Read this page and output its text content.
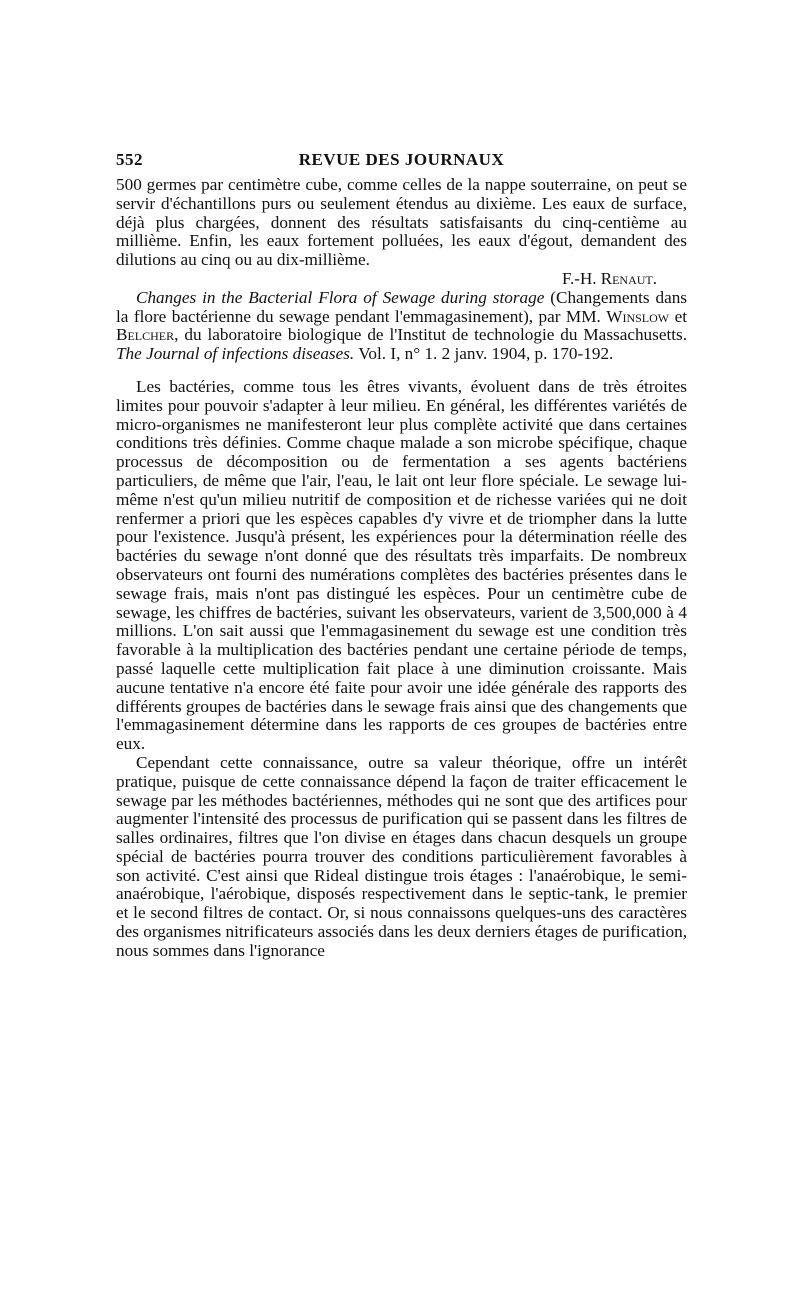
552	REVUE DES JOURNAUX

500 germes par centimètre cube, comme celles de la nappe souterraine, on peut se servir d'échantillons purs ou seulement étendus au dixième. Les eaux de surface, déjà plus chargées, donnent des résultats satisfaisants du cinq-centième au millième. Enfin, les eaux fortement polluées, les eaux d'égout, demandent des dilutions au cinq ou au dix-millième.

F.-H. Renaut.

Changes in the Bacterial Flora of Sewage during storage (Changements dans la flore bactérienne du sewage pendant l'emmagasinement), par MM. Winslow et Belcher, du laboratoire biologique de l'Institut de technologie du Massachusetts. The Journal of infections diseases. Vol. I, n° 1. 2 janv. 1904, p. 170-192.

Les bactéries, comme tous les êtres vivants, évoluent dans de très étroites limites pour pouvoir s'adapter à leur milieu. En général, les différentes variétés de micro-organismes ne manifesteront leur plus complète activité que dans certaines conditions très définies. Comme chaque malade a son microbe spécifique, chaque processus de décomposition ou de fermentation a ses agents bactériens particuliers, de même que l'air, l'eau, le lait ont leur flore spéciale. Le sewage lui-même n'est qu'un milieu nutritif de composition et de richesse variées qui ne doit renfermer a priori que les espèces capables d'y vivre et de triompher dans la lutte pour l'existence. Jusqu'à présent, les expériences pour la détermination réelle des bactéries du sewage n'ont donné que des résultats très imparfaits. De nombreux observateurs ont fourni des numérations complètes des bactéries présentes dans le sewage frais, mais n'ont pas distingué les espèces. Pour un centimètre cube de sewage, les chiffres de bactéries, suivant les observateurs, varient de 3,500,000 à 4 millions. L'on sait aussi que l'emmagasinement du sewage est une condition très favorable à la multiplication des bactéries pendant une certaine période de temps, passé laquelle cette multiplication fait place à une diminution croissante. Mais aucune tentative n'a encore été faite pour avoir une idée générale des rapports des différents groupes de bactéries dans le sewage frais ainsi que des changements que l'emmagasinement détermine dans les rapports de ces groupes de bactéries entre eux.

Cependant cette connaissance, outre sa valeur théorique, offre un intérêt pratique, puisque de cette connaissance dépend la façon de traiter efficacement le sewage par les méthodes bactériennes, méthodes qui ne sont que des artifices pour augmenter l'intensité des processus de purification qui se passent dans les filtres de salles ordinaires, filtres que l'on divise en étages dans chacun desquels un groupe spécial de bactéries pourra trouver des conditions particulièrement favorables à son activité. C'est ainsi que Rideal distingue trois étages : l'anaérobique, le semi-anaérobique, l'aérobique, disposés respectivement dans le septic-tank, le premier et le second filtres de contact. Or, si nous connaissons quelques-uns des caractères des organismes nitrificateurs associés dans les deux derniers étages de purification, nous sommes dans l'ignorance
